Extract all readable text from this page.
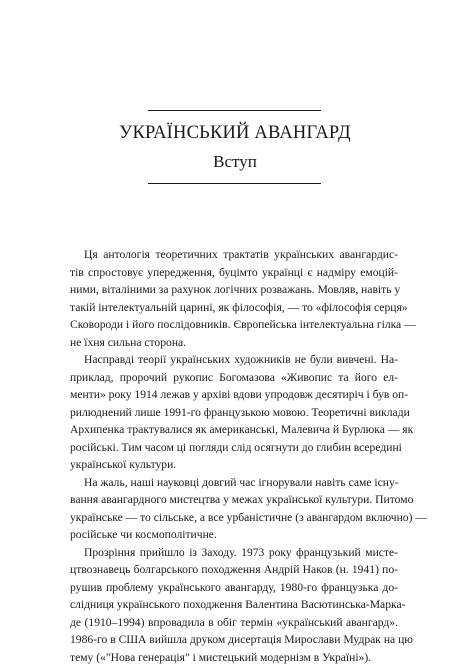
УКРАЇНСЬКИЙ АВАНГАРД
Вступ
Ця антологія теоретичних трактатів українських авангардис-
тів спростовує упередження, буцімто українці є надміру емоцій-
ними, віталiними за рахунок логічних розважань. Мовляв, навіть у
такій інтелектуальній царині, як філософія, — то «філософія серця»
Сковороди і його послідовників. Європейська інтелектуальна гілка —
не їхня сильна сторона.
Насправді теорії українських художників не були вивчені. На-
приклад, пророчий рукопис Богомазова «Живопис та його ел-
менти» року 1914 лежав у архіві вдови упродовж десятиріч і був оп-
рилюднений лише 1991-го французькою мовою. Теоретичні виклади
Архипенка трактувалися як американські, Малевича й Бурлюка — як
російські. Тим часом ці погляди слід осягнути до глибин всередині
української культури.
На жаль, наші науковці довгий час ігнорували навіть саме існу-
вання авангардного мистецтва у межах української культури. Питомо
українське — то сільське, а все урбаністичне (з авангардом включно) —
російське чи космополітичне.
Прозріння прийшло із Заходу. 1973 року французький мисте-
цтвознавець болгарського походження Андрій Наков (н. 1941) по-
рушив проблему українського авангарду, 1980-го французька до-
слідниця українського походження Валентина Васютинська-Марка-
де (1910–1994) впровадила в обіг термін «український авангард».
1986-го в США вийшла друком дисертація Мирослави Мудрак на цю
тему («"Нова генерація" і мистецький модернізм в Україні»).
